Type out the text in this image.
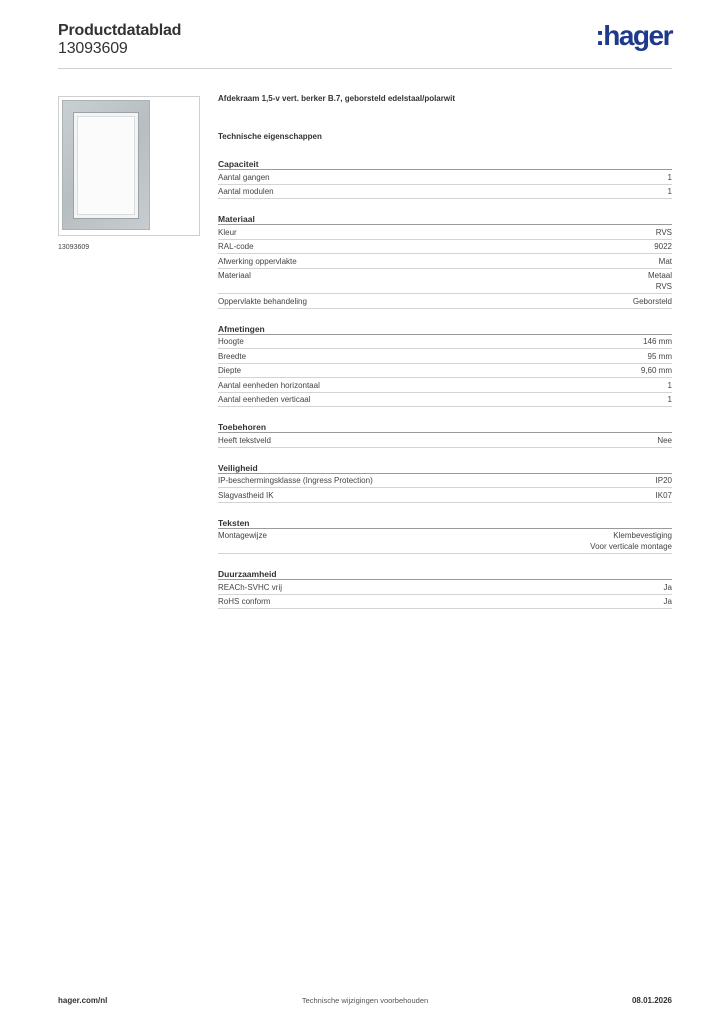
Productdatablad
13093609	:hager
13093609
Afdekraam 1,5-v vert. berker B.7, geborsteld edelstaal/polarwit
Technische eigenschappen
Capaciteit
Aantal gangen	1
Aantal modulen	1
Materiaal
Kleur	RVS
RAL-code	9022
Afwerking oppervlakte	Mat
Materiaal	Metaal
RVS
Oppervlakte behandeling	Geborsteld
Afmetingen
Hoogte	146 mm
Breedte	95 mm
Diepte	9,60 mm
Aantal eenheden horizontaal	1
Aantal eenheden verticaal	1
Toebehoren
Heeft tekstveld	Nee
Veiligheid
IP-beschermingsklasse (Ingress Protection)	IP20
Slagvastheid IK	IK07
Teksten
Montagewijze	Klembevestiging
Voor verticale montage
Duurzaamheid
REACh-SVHC vrij	Ja
RoHS conform	Ja
hager.com/nl	Technische wijzigingen voorbehouden	08.01.2026
